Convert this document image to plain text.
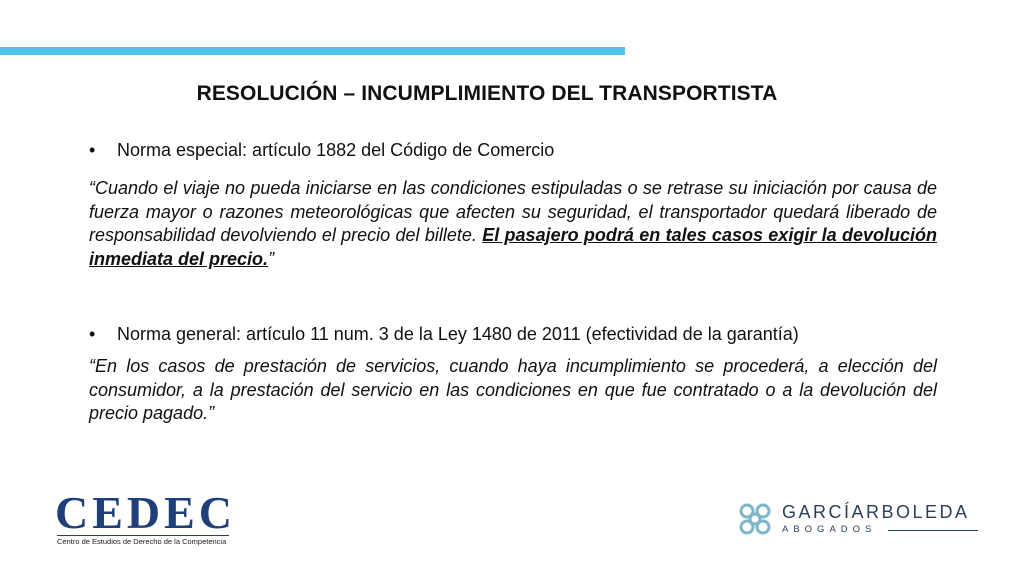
RESOLUCIÓN – INCUMPLIMIENTO DEL TRANSPORTISTA
• Norma especial: artículo 1882 del Código de Comercio
“Cuando el viaje no pueda iniciarse en las condiciones estipuladas o se retrase su iniciación por causa de fuerza mayor o razones meteorológicas que afecten su seguridad, el transportador quedará liberado de responsabilidad devolviendo el precio del billete. El pasajero podrá en tales casos exigir la devolución inmediata del precio.”
• Norma general: artículo 11 num. 3 de la Ley 1480 de 2011 (efectividad de la garantía)
“En los casos de prestación de servicios, cuando haya incumplimiento se procederá, a elección del consumidor, a la prestación del servicio en las condiciones en que fue contratado o a la devolución del precio pagado.”
CEDEC
Centro de Estudios de Derecho de la Competencia
GARCÍARBOLEDA
ABOGADOS
